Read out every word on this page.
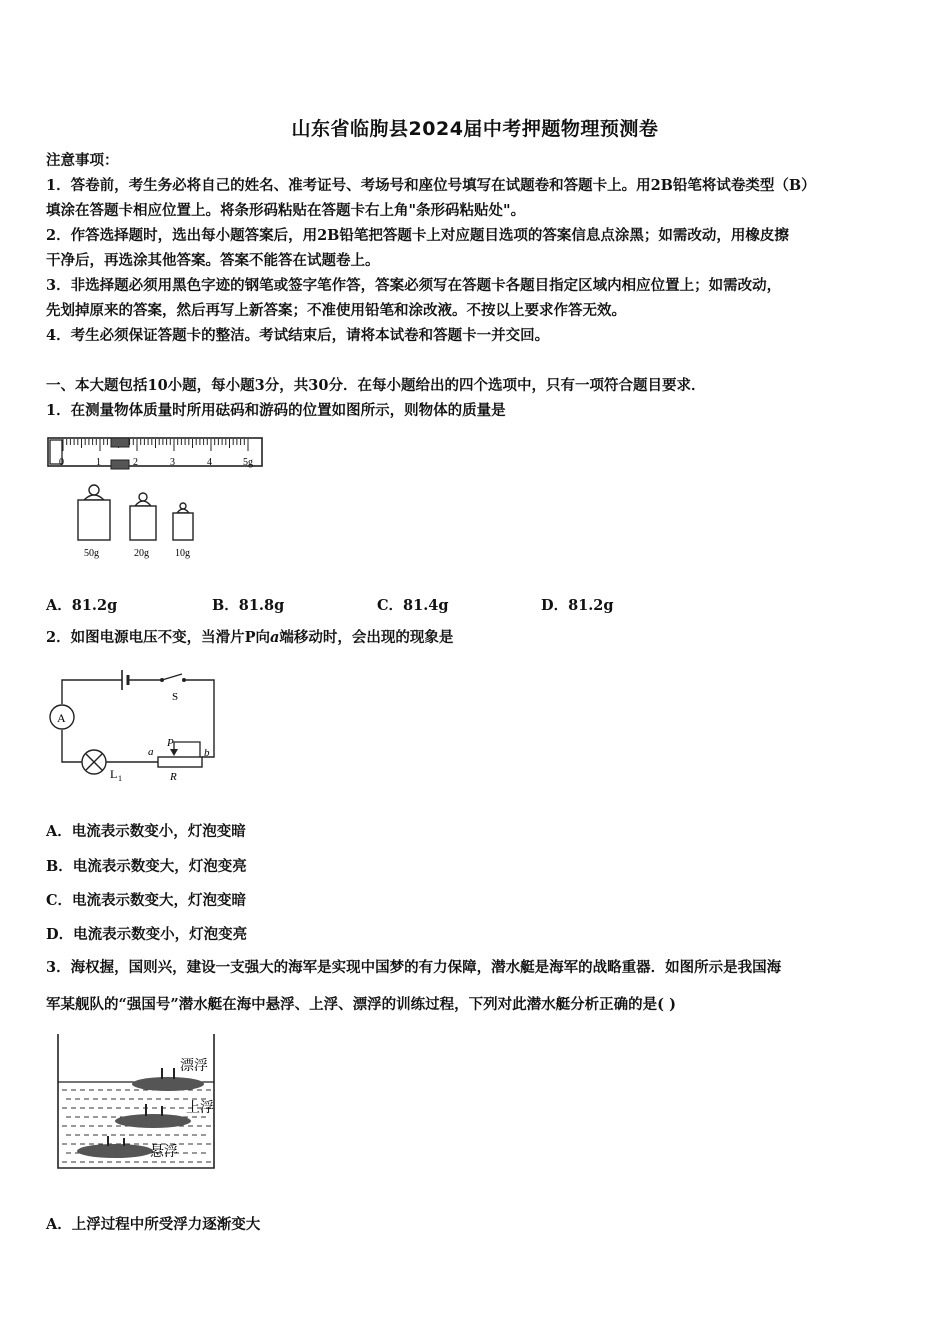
山东省临朐县2024届中考押题物理预测卷
注意事项：
1．答卷前，考生务必将自己的姓名、准考证号、考场号和座位号填写在试题卷和答题卡上。用2B铅笔将试卷类型（B）
填涂在答题卡相应位置上。将条形码粘贴在答题卡右上角"条形码粘贴处"。
2．作答选择题时，选出每小题答案后，用2B铅笔把答题卡上对应题目选项的答案信息点涂黑；如需改动，用橡皮擦
干净后，再选涂其他答案。答案不能答在试题卷上。
3．非选择题必须用黑色字迹的钢笔或签字笔作答，答案必须写在答题卡各题目指定区域内相应位置上；如需改动，
先划掉原来的答案，然后再写上新答案；不准使用铅笔和涂改液。不按以上要求作答无效。
4．考生必须保证答题卡的整洁。考试结束后，请将本试卷和答题卡一并交回。
一、本大题包括10小题，每小题3分，共30分．在每小题给出的四个选项中，只有一项符合题目要求．
1．在测量物体质量时所用砝码和游码的位置如图所示，则物体的质量是
0	1	2	3	4	5g
50g	20g	10g
A．81.2g	B．81.8g	C．81.4g	D．81.2g
2．如图电源电压不变，当滑片P向a端移动时，会出现的现象是
A
L 1
a
P
b
R
S
A．电流表示数变小，灯泡变暗
B．电流表示数变大，灯泡变亮
C．电流表示数变大，灯泡变暗
D．电流表示数变小，灯泡变亮
3．海权握，国则兴，建设一支强大的海军是实现中国梦的有力保障，潜水艇是海军的战略重器．如图所示是我国海
军某舰队的“强国号”潜水艇在海中悬浮、上浮、漂浮的训练过程，下列对此潜水艇分析正确的是( )
漂浮
上浮
悬浮
A．上浮过程中所受浮力逐渐变大
